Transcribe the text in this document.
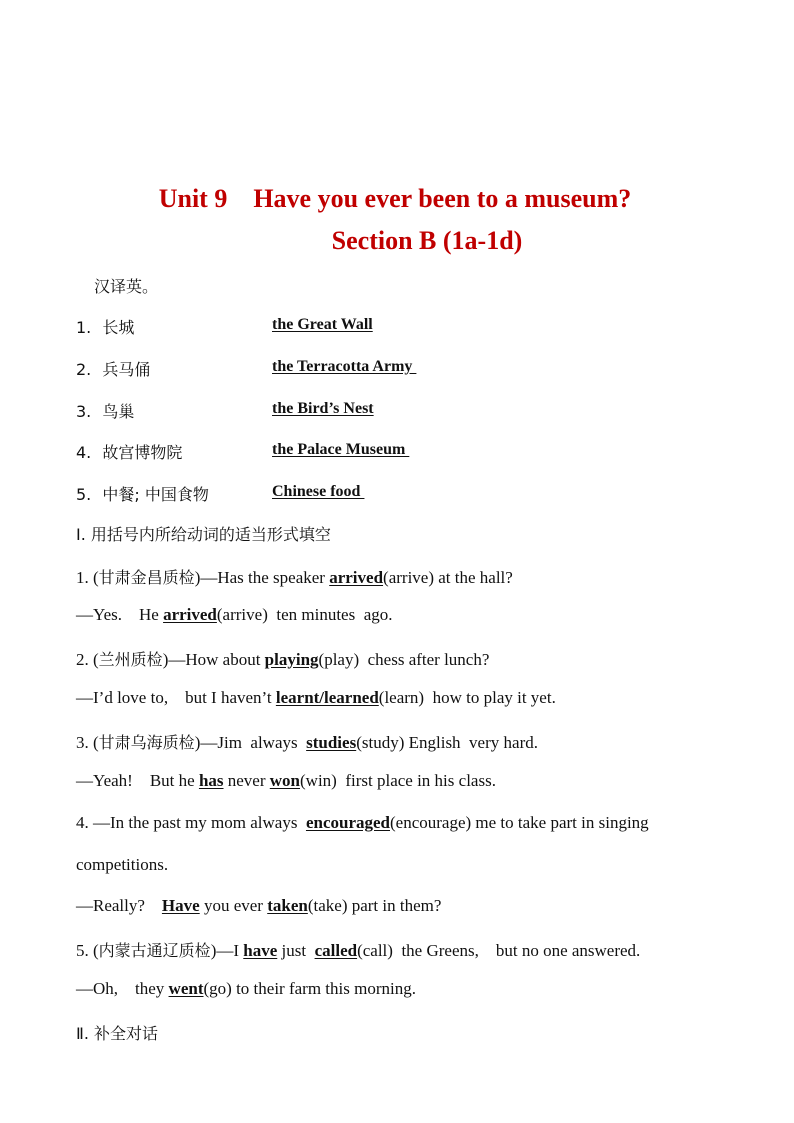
Unit 9    Have you ever been to a museum?
Section B (1a-1d)
汉译英。
1. 长城	the Great Wall
2. 兵马俑	the Terracotta Army
3. 鸟巢	the Bird’s Nest
4. 故宫博物院	the Palace Museum
5. 中餐; 中国食物	Chinese food
Ⅰ. 用括号内所给动词的适当形式填空
1. (甘肃金昌质检)—Has the speaker arrived(arrive) at the hall?
—Yes.    He arrived(arrive)  ten minutes  ago.
2. (兰州质检)—How about playing(play)  chess after lunch?
—I’d love to,    but I haven’t learnt/learned(learn)  how to play it yet.
3. (甘肃乌海质检)—Jim  always  studies(study) English  very hard.
—Yeah!    But he has never won(win)  first place in his class.
4. —In the past my mom always  encouraged(encourage) me to take part in singing
competitions.
—Really?    Have you ever taken(take) part in them?
5. (内蒙古通辽质检)—I have just  called(call)  the Greens,    but no one answered.
—Oh,    they went(go) to their farm this morning.
Ⅱ. 补全对话
